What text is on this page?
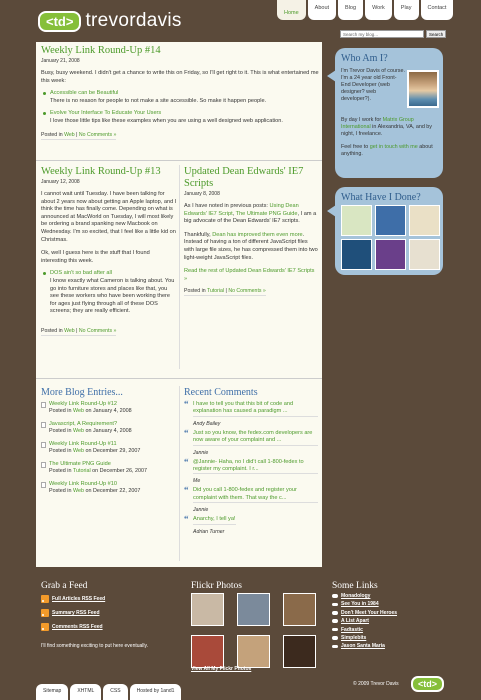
<td> trevordavis	Home
About	Blog	Work	Play	Contact
Search my blog...
Search
Weekly Link Round-Up #14
January 21, 2008

Busy, busy weekend. I didn't get a chance to write this on Friday, so I'll get right to it. This is what entertained me this week:

Accessible can be Beautiful
There is no reason for people to not make a site accessible. So make it happen people.
Evolve Your Interface To Educate Your Users
I love those little tips like these examples when you are using a well designed web application.
Posted in Web | No Comments »
Weekly Link Round-Up #13
January 12, 2008

I cannot wait until Tuesday. I have been talking for about 2 years now about getting an Apple laptop, and I think the time has finally come. Depending on what is announced at MacWorld on Tuesday, I will most likely be ordering a brand spanking new Macbook on Wednesday. I'm so excited, that I feel like a little kid on Christmas.

Ok, well I guess here is the stuff that I found interesting this week.

DOS ain't so bad after all
I know exactly what Cameron is talking about. You go into furniture stores and places like that, you see these workers who have been working there for ages just flying through all of these DOS screens; they are really efficient.
Posted in Web | No Comments »
Updated Dean Edwards' IE7 Scripts
January 8, 2008

As I have noted in previous posts: Using Dean Edwards' IE7 Script, The Ultimate PNG Guide, I am a big advocate of the Dean Edwards' IE7 scripts.

Thankfully, Dean has improved them even more. Instead of having a ton of different JavaScript files with large file sizes, he has compressed them into two light-weight JavaScript files.

Read the rest of Updated Dean Edwards' IE7 Scripts »

Posted in Tutorial | No Comments »
More Blog Entries...
Weekly Link Round-Up #12
Posted in Web on January 4, 2008
Javascript, A Requirement?
Posted in Web on January 4, 2008
Weekly Link Round-Up #11
Posted in Web on December 29, 2007
The Ultimate PNG Guide
Posted in Tutorial on December 26, 2007
Weekly Link Round-Up #10
Posted in Web on December 22, 2007
Recent Comments
“ I have to tell you that this bit of code and explanation has caused a paradigm ...
Andy Bailey
“ Just so you know, the fedex.com developers are now aware of your complaint and ...
Jannie
“ @Jannie- Haha, no I did't call 1-800-fedex to register my complaint. I r...
Me
“ Did you call 1-800-fedex and register your complaint with them. That way the c...
Jannie
“ Anarchy, I tell ya!
Adrian Turner
Who Am I?
I'm Trevor Davis of course. I'm a 24 year old Front-End Developer (web designer? web developer?).

By day I work for Matrix Group International in Alexandria, VA, and by night, I freelance.

Feel free to get in touch with me about anything.

What Have I Done?
Grab a Feed
Full Articles RSS Feed
Summary RSS Feed
Comments RSS Feed
I'll find something exciting to put here eventually.
Flickr Photos
View All My Flickr Photos
Some Links
Monadology
See You in 1984
Don't Meet Your Heroes
A List Apart
Fadtastic
Simplebits
Jason Santa Maria
Sitemap	XHTML	CSS	Hosted by 1and1
© 2009 Trevor Davis	<td>
